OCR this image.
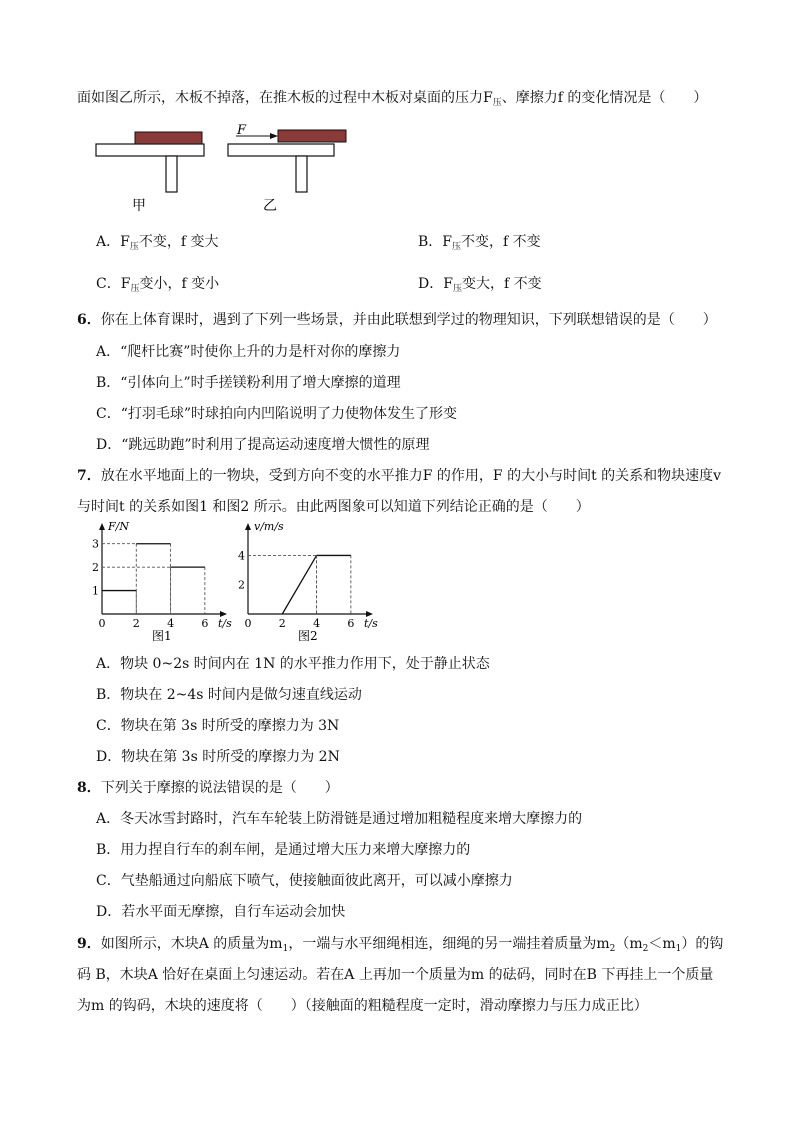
面如图乙所示，木板不掉落，在推木板的过程中木板对桌面的压力$F_压$、摩擦力f 的变化情况是（　　）
F
甲	乙
A．$F_压$不变，f 变大	B．$F_压$不变，f 不变
C．$F_压$变小，f 变小	D．$F_压$变大，f 不变
6．你在上体育课时，遇到了下列一些场景，并由此联想到学过的物理知识，下列联想错误的是（　　）
A．“爬杆比赛”时使你上升的力是杆对你的摩擦力
B．“引体向上”时手搓镁粉利用了增大摩擦的道理
C．“打羽毛球”时球拍向内凹陷说明了力使物体发生了形变
D．“跳远助跑”时利用了提高运动速度增大惯性的原理
7．放在水平地面上的一物块，受到方向不变的水平推力F 的作用，F 的大小与时间t 的关系和物块速度v
与时间t 的关系如图1 和图2 所示。由此两图象可以知道下列结论正确的是（　　）
F/N
t/s
图1
0 2 4 6
1
2
3
v/m/s
t/s
图2
0 2 4 6
2
4
A．物块 0~2s 时间内在 1N 的水平推力作用下，处于静止状态
B．物块在 2~4s 时间内是做匀速直线运动
C．物块在第 3s 时所受的摩擦力为 3N
D．物块在第 3s 时所受的摩擦力为 2N
8．下列关于摩擦的说法错误的是（　　）
A．冬天冰雪封路时，汽车车轮装上防滑链是通过增加粗糙程度来增大摩擦力的
B．用力捏自行车的刹车闸，是通过增大压力来增大摩擦力的
C．气垫船通过向船底下喷气，使接触面彼此离开，可以减小摩擦力
D．若水平面无摩擦，自行车运动会加快
9．如图所示，木块A 的质量为$m_1$，一端与水平细绳相连，细绳的另一端挂着质量为$m_2(m_2<m_1)$的钩
码 B，木块A 恰好在桌面上匀速运动。若在A 上再加一个质量为m 的砝码，同时在B 下再挂上一个质量
为m 的钩码，木块的速度将（　　）（接触面的粗糙程度一定时，滑动摩擦力与压力成正比）
